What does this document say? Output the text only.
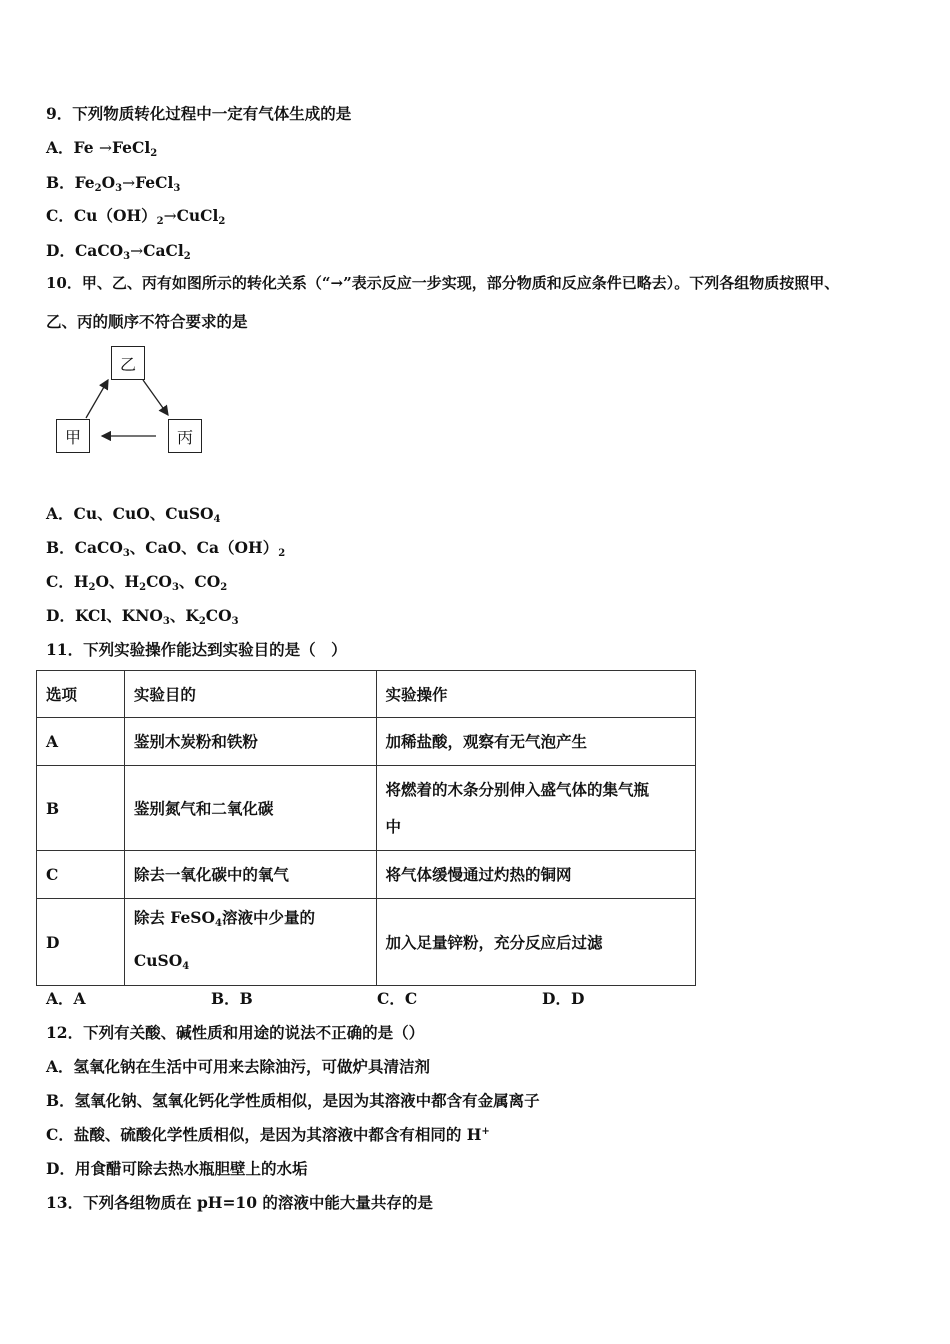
9．下列物质转化过程中一定有气体生成的是
A．Fe →FeCl$_2$
B．$Fe_2O_3\to FeCl_3$
C．$Cu(OH)_2\to CuCl_2$
D．CaCO$_3$→CaCl$_2$
10．甲、乙、丙有如图所示的转化关系（“→”表示反应一步实现，部分物质和反应条件已略去）。下列各组物质按照甲、
乙、丙的顺序不符合要求的是
乙
甲	丙
A．Cu、CuO、CuSO$_4$
B．CaCO$_3$、CaO、$Ca(OH)_2$
C．$H_2O$、$H_2CO_3$、$CO_2$
D．KCl、$KNO_3$、$K_2CO_3$
11．下列实验操作能达到实验目的是（　）
选项	实验目的	实验操作
A	鉴别木炭粉和铁粉	加稀盐酸，观察有无气泡产生
B	鉴别氮气和二氧化碳	将燃着的木条分别伸入盛气体的集气瓶
中

C	除去一氧化碳中的氧气	将气体缓慢通过灼热的铜网
D	除去 FeSO$_4$溶液中少量的
CuSO$_4$	加入足量锌粉，充分反应后过滤
A．A	B．B	C．C	D．D
12．下列有关酸、碱性质和用途的说法不正确的是（）
A．氢氧化钠在生活中可用来去除油污，可做炉具清洁剂
B．氢氧化钠、氢氧化钙化学性质相似，是因为其溶液中都含有金属离子
C．盐酸、硫酸化学性质相似，是因为其溶液中都含有相同的 H+
D．用食醋可除去热水瓶胆壁上的水垢
13．下列各组物质在 pH=10 的溶液中能大量共存的是
